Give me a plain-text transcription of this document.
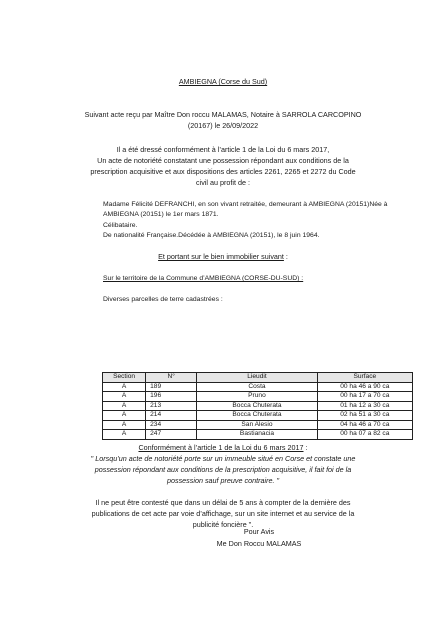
AMBIEGNA (Corse du Sud)
Suivant acte reçu par Maître Don roccu MALAMAS, Notaire à SARROLA CARCOPINO
(20167) le 26/09/2022
Il a été dressé conformément à l’article 1 de la Loi du 6 mars 2017,
Un acte de notoriété constatant une possession répondant aux conditions de la
prescription acquisitive et aux dispositions des articles 2261, 2265 et 2272 du Code
civil au profit de :
Madame Félicité DEFRANCHI, en son vivant retraitée, demeurant à AMBIEGNA (20151)Née à
AMBIEGNA (20151) le 1er mars 1871.
Célibataire.
De nationalité Française.Décédée à AMBIEGNA (20151), le 8 juin 1964.
Et portant sur le bien immobilier suivant :
Sur le territoire de la Commune d’AMBIEGNA (CORSE-DU-SUD) :
Diverses parcelles de terre cadastrées :
Section	N°	Lieudit	Surface
A	189	Costa	00 ha 46 a 90 ca
A	196	Pruno	00 ha 17 a 70 ca
A	213	Bocca Chuterata	01 ha 12 a 30 ca
A	214	Bocca Chuterata	02 ha 51 a 30 ca
A	234	San Alesio	04 ha 46 a 70 ca
A	247	Bastianacia	00 ha 07 a 82 ca
Conformément à l’article 1 de la Loi du 6 mars 2017 :
" Lorsqu’un acte de notoriété porte sur un immeuble situé en Corse et constate une
possession répondant aux conditions de la prescription acquisitive, il fait foi de la
possession sauf preuve contraire. "
Il ne peut être contesté que dans un délai de 5 ans à compter de la dernière des
publications de cet acte par voie d’affichage, sur un site internet et au service de la
publicité foncière ".
Pour Avis
Me Don Roccu MALAMAS
